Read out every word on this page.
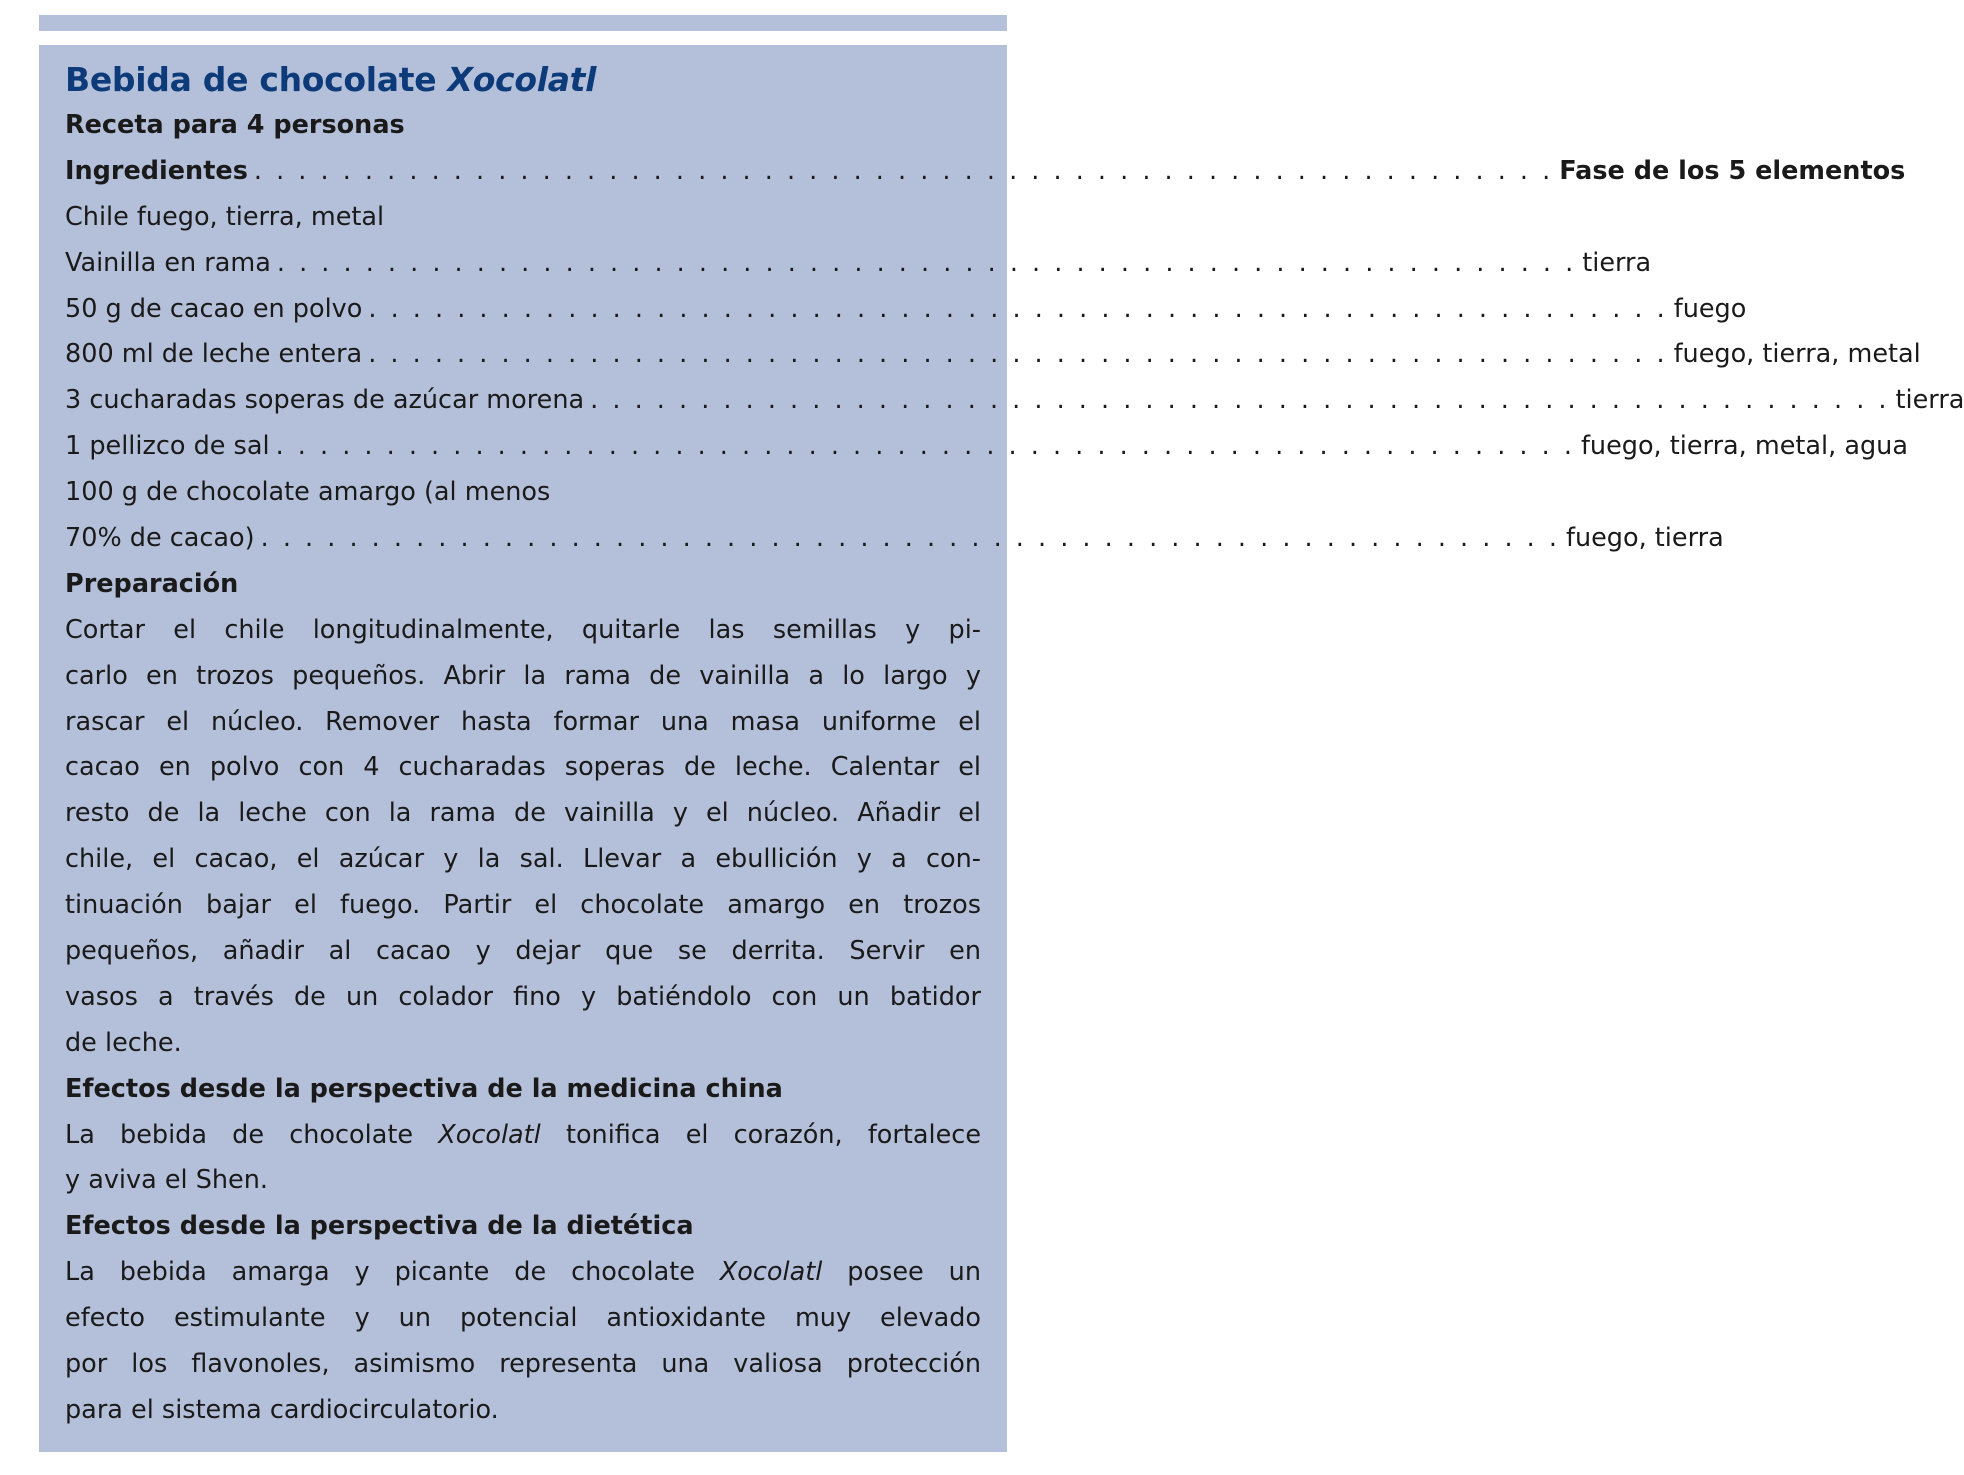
Bebida de chocolate Xocolatl
Receta para 4 personas
Ingredientes . . . . . . . . . . . . . . . . . . . . . . . . . . . . . . . . . . . . . . . . . . . . . . . . . . . . . . . . . . . Fase de los 5 elementos
Chile fuego, tierra, metal
Vainilla en rama . . . . . . . . . . . . . . . . . . . . . . . . . . . . . . . . . . . . . . . . . . . . . . . . . . . . . . . . . . . tierra
50 g de cacao en polvo . . . . . . . . . . . . . . . . . . . . . . . . . . . . . . . . . . . . . . . . . . . . . . . . . . . . . . . . . . . fuego
800 ml de leche entera . . . . . . . . . . . . . . . . . . . . . . . . . . . . . . . . . . . . . . . . . . . . . . . . . . . . . . . . . . . fuego, tierra, metal
3 cucharadas soperas de azúcar morena . . . . . . . . . . . . . . . . . . . . . . . . . . . . . . . . . . . . . . . . . . . . . . . . . . . . . . . . . . . tierra
1 pellizco de sal . . . . . . . . . . . . . . . . . . . . . . . . . . . . . . . . . . . . . . . . . . . . . . . . . . . . . . . . . . . fuego, tierra, metal, agua
100 g de chocolate amargo (al menos
70% de cacao) . . . . . . . . . . . . . . . . . . . . . . . . . . . . . . . . . . . . . . . . . . . . . . . . . . . . . . . . . . . fuego, tierra
Preparación
Cortar el chile longitudinalmente, quitarle las semillas y pi-
carlo en trozos pequeños. Abrir la rama de vainilla a lo largo y
rascar el núcleo. Remover hasta formar una masa uniforme el
cacao en polvo con 4 cucharadas soperas de leche. Calentar el
resto de la leche con la rama de vainilla y el núcleo. Añadir el
chile, el cacao, el azúcar y la sal. Llevar a ebullición y a con-
tinuación bajar el fuego. Partir el chocolate amargo en trozos
pequeños, añadir al cacao y dejar que se derrita. Servir en
vasos a través de un colador fino y batiéndolo con un batidor
de leche.
Efectos desde la perspectiva de la medicina china
La bebida de chocolate Xocolatl tonifica el corazón, fortalece
y aviva el Shen.
Efectos desde la perspectiva de la dietética
La bebida amarga y picante de chocolate Xocolatl posee un
efecto estimulante y un potencial antioxidante muy elevado
por los flavonoles, asimismo representa una valiosa protección
para el sistema cardiocirculatorio.
